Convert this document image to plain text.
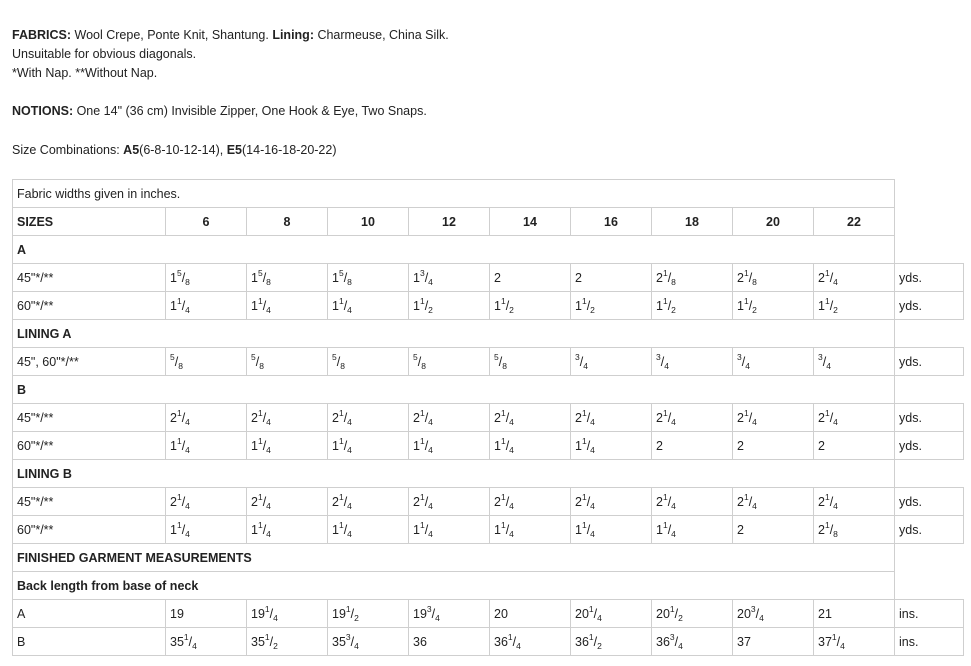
FABRICS: Wool Crepe, Ponte Knit, Shantung. Lining: Charmeuse, China Silk.
Unsuitable for obvious diagonals.
*With Nap. **Without Nap.
NOTIONS: One 14" (36 cm) Invisible Zipper, One Hook & Eye, Two Snaps.
Size Combinations: A5(6-8-10-12-14), E5(14-16-18-20-22)
Fabric widths given in inches.										
SIZES	6	8	10	12	14	16	18	20	22	
A										
45"*/**	$1^5/_8$	$1^5/_8$	$1^5/_8$	$1^3/_4$	2	2	$2^1/_8$	$2^1/_8$	$2^1/_4$	yds.
60"*/**	$1^1/_4$	$1^1/_4$	$1^1/_4$	$1^1/_2$	$1^1/_2$	$1^1/_2$	$1^1/_2$	$1^1/_2$	$1^1/_2$	yds.
LINING A										
45", 60"*/**	$^5/_8$	$^5/_8$	$^5/_8$	$^5/_8$	$^5/_8$	$^3/_4$	$^3/_4$	$^3/_4$	$^3/_4$	yds.
B										
45"*/**	$2^1/_4$	$2^1/_4$	$2^1/_4$	$2^1/_4$	$2^1/_4$	$2^1/_4$	$2^1/_4$	$2^1/_4$	$2^1/_4$	yds.
60"*/**	$1^1/_4$	$1^1/_4$	$1^1/_4$	$1^1/_4$	$1^1/_4$	$1^1/_4$	2	2	2	yds.
LINING B										
45"*/**	$2^1/_4$	$2^1/_4$	$2^1/_4$	$2^1/_4$	$2^1/_4$	$2^1/_4$	$2^1/_4$	$2^1/_4$	$2^1/_4$	yds.
60"*/**	$1^1/_4$	$1^1/_4$	$1^1/_4$	$1^1/_4$	$1^1/_4$	$1^1/_4$	$1^1/_4$	2	$2^1/_8$	yds.
FINISHED GARMENT MEASUREMENTS										
Back length from base of neck										
A	19	$19^1/_4$	$19^1/_2$	$19^3/_4$	20	$20^1/_4$	$20^1/_2$	$20^3/_4$	21	ins.
B	$35^1/_4$	$35^1/_2$	$35^3/_4$	36	$36^1/_4$	$36^1/_2$	$36^3/_4$	37	$37^1/_4$	ins.
